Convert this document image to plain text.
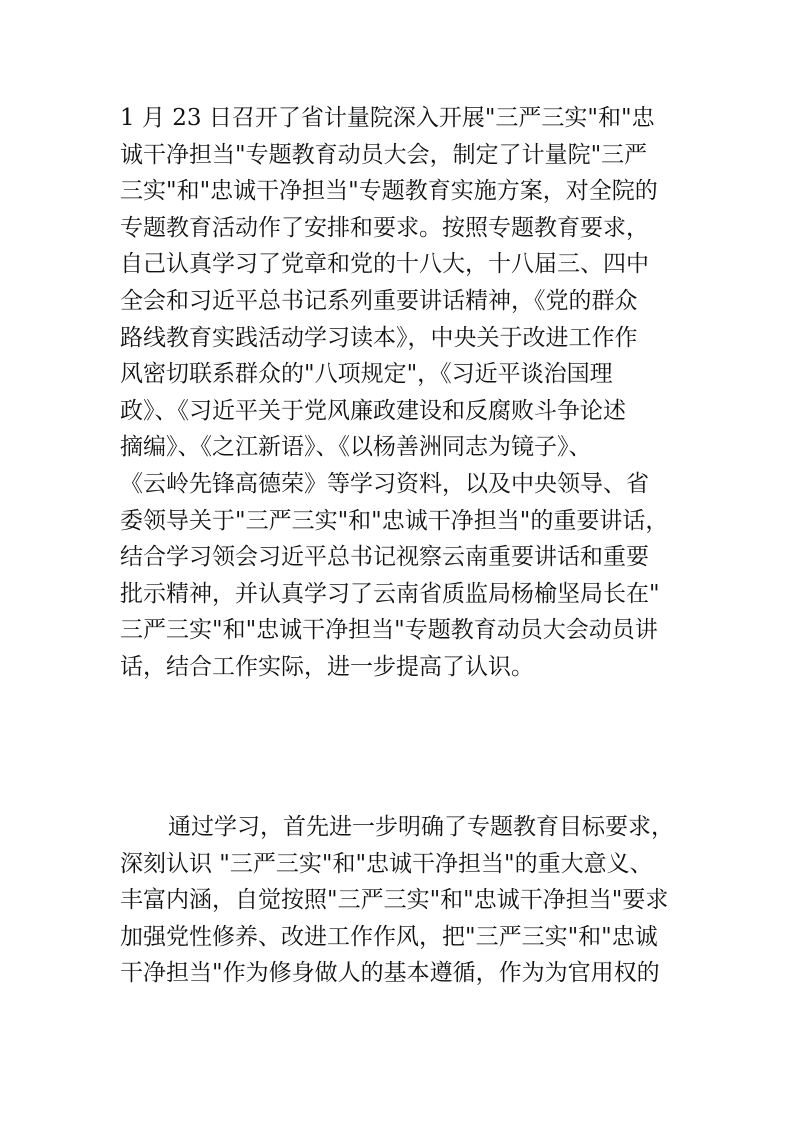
1 月 23 日召开了省计量院深入开展"三严三实"和"忠
诚干净担当"专题教育动员大会，制定了计量院"三严
三实"和"忠诚干净担当"专题教育实施方案，对全院的
专题教育活动作了安排和要求。按照专题教育要求，
自己认真学习了党章和党的十八大，十八届三、四中
全会和习近平总书记系列重要讲话精神，《党的群众
路线教育实践活动学习读本》，中央关于改进工作作
风密切联系群众的"八项规定"，《习近平谈治国理
政》、《习近平关于党风廉政建设和反腐败斗争论述
摘编》、《之江新语》、《以杨善洲同志为镜子》、
《云岭先锋高德荣》等学习资料，以及中央领导、省
委领导关于"三严三实"和"忠诚干净担当"的重要讲话，
结合学习领会习近平总书记视察云南重要讲话和重要
批示精神，并认真学习了云南省质监局杨榆坚局长在"
三严三实"和"忠诚干净担当"专题教育动员大会动员讲
话，结合工作实际，进一步提高了认识。
通过学习，首先进一步明确了专题教育目标要求，
深刻认识 "三严三实"和"忠诚干净担当"的重大意义、
丰富内涵，自觉按照"三严三实"和"忠诚干净担当"要求
加强党性修养、改进工作作风，把"三严三实"和"忠诚
干净担当"作为修身做人的基本遵循，作为为官用权的
